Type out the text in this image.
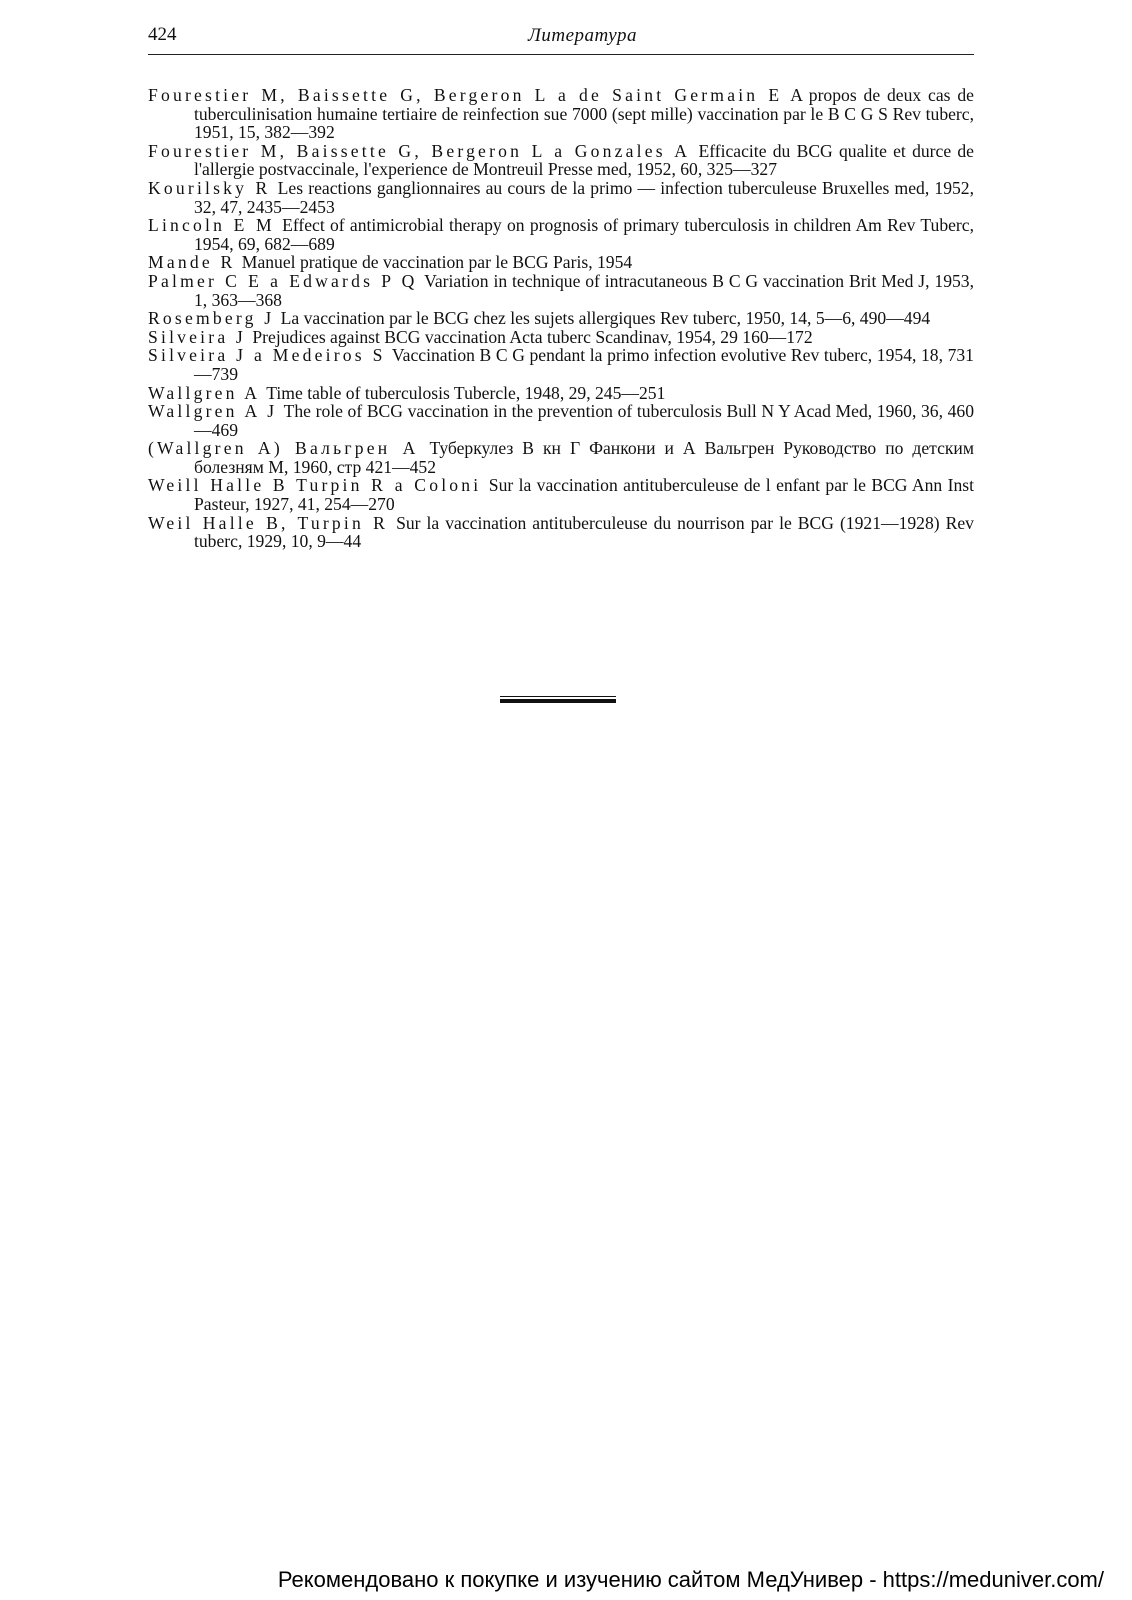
424	Литература
Fourestier M, Baissette G, Bergeron L a de Saint Germain E A propos de deux cas de tuberculinisation humaine tertiaire de reinfection sue 7000 (sept mille) vaccination par le B C G S Rev tuberc, 1951, 15, 382—392
Fourestier M, Baissette G, Bergeron L a Gonzales A Efficacite du BCG qualite et durce de l'allergie postvaccinale, l'experience de Montreuil Presse med, 1952, 60, 325—327
Kourilsky R Les reactions ganglionnaires au cours de la primo — infection tuberculeuse Bruxelles med, 1952, 32, 47, 2435—2453
Lincoln E M Effect of antimicrobial therapy on prognosis of primary tuberculosis in children Am Rev Tuberc, 1954, 69, 682—689
Mande R Manuel pratique de vaccination par le BCG Paris, 1954
Palmer C E a Edwards P Q Variation in technique of intracutaneous B C G vaccination Brit Med J, 1953, 1, 363—368
Rosemberg J La vaccination par le BCG chez les sujets allergiques Rev tuberc, 1950, 14, 5—6, 490—494
Silveira J Prejudices against BCG vaccination Acta tuberc Scandinav, 1954, 29 160—172
Silveira J a Medeiros S Vaccination B C G pendant la primo infection evolutive Rev tuberc, 1954, 18, 731—739
Wallgren A Time table of tuberculosis Tubercle, 1948, 29, 245—251
Wallgren A J The role of BCG vaccination in the prevention of tuberculosis Bull N Y Acad Med, 1960, 36, 460—469
(Wallgren A) Вальгрен А Туберкулез В кн Г Фанкони и А Вальгрен Руководство по детским болезням М, 1960, стр 421—452
Weill Halle B Turpin R a Coloni Sur la vaccination antituberculeuse de l enfant par le BCG Ann Inst Pasteur, 1927, 41, 254—270
Weil Halle B, Turpin R Sur la vaccination antituberculeuse du nourrison par le BCG (1921—1928) Rev tuberc, 1929, 10, 9—44
Рекомендовано к покупке и изучению сайтом МедУнивер - https://meduniver.com/
